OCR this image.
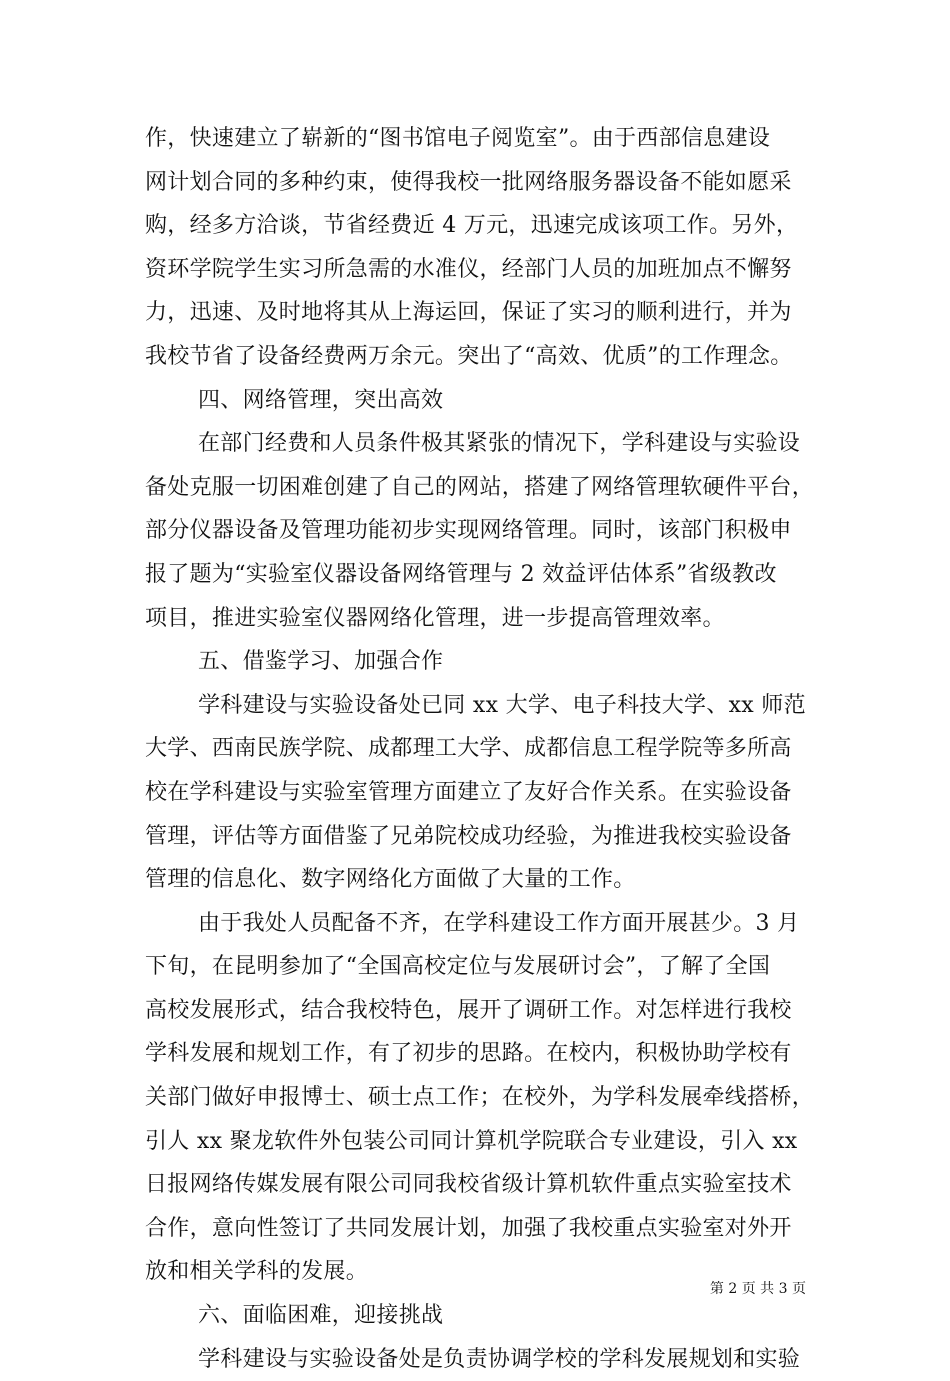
作，快速建立了崭新的“图书馆电子阅览室”。由于西部信息建设
网计划合同的多种约束，使得我校一批网络服务器设备不能如愿采
购，经多方洽谈，节省经费近 4 万元，迅速完成该项工作。另外，
资环学院学生实习所急需的水准仪，经部门人员的加班加点不懈努
力，迅速、及时地将其从上海运回，保证了实习的顺利进行，并为
我校节省了设备经费两万余元。突出了“高效、优质”的工作理念。
四、网络管理，突出高效
在部门经费和人员条件极其紧张的情况下，学科建设与实验设
备处克服一切困难创建了自己的网站，搭建了网络管理软硬件平台，
部分仪器设备及管理功能初步实现网络管理。同时，该部门积极申
报了题为“实验室仪器设备网络管理与 2 效益评估体系”省级教改
项目，推进实验室仪器网络化管理，进一步提高管理效率。
五、借鉴学习、加强合作
学科建设与实验设备处已同 xx 大学、电子科技大学、xx 师范
大学、西南民族学院、成都理工大学、成都信息工程学院等多所高
校在学科建设与实验室管理方面建立了友好合作关系。在实验设备
管理，评估等方面借鉴了兄弟院校成功经验，为推进我校实验设备
管理的信息化、数字网络化方面做了大量的工作。
由于我处人员配备不齐，在学科建设工作方面开展甚少。3 月
下旬，在昆明参加了“全国高校定位与发展研讨会”，了解了全国
高校发展形式，结合我校特色，展开了调研工作。对怎样进行我校
学科发展和规划工作，有了初步的思路。在校内，积极协助学校有
关部门做好申报博士、硕士点工作；在校外，为学科发展牵线搭桥，
引人 xx 聚龙软件外包装公司同计算机学院联合专业建设，引入 xx
日报网络传媒发展有限公司同我校省级计算机软件重点实验室技术
合作，意向性签订了共同发展计划，加强了我校重点实验室对外开
放和相关学科的发展。
六、面临困难，迎接挑战
学科建设与实验设备处是负责协调学校的学科发展规划和实验
第 2 页 共 3 页
